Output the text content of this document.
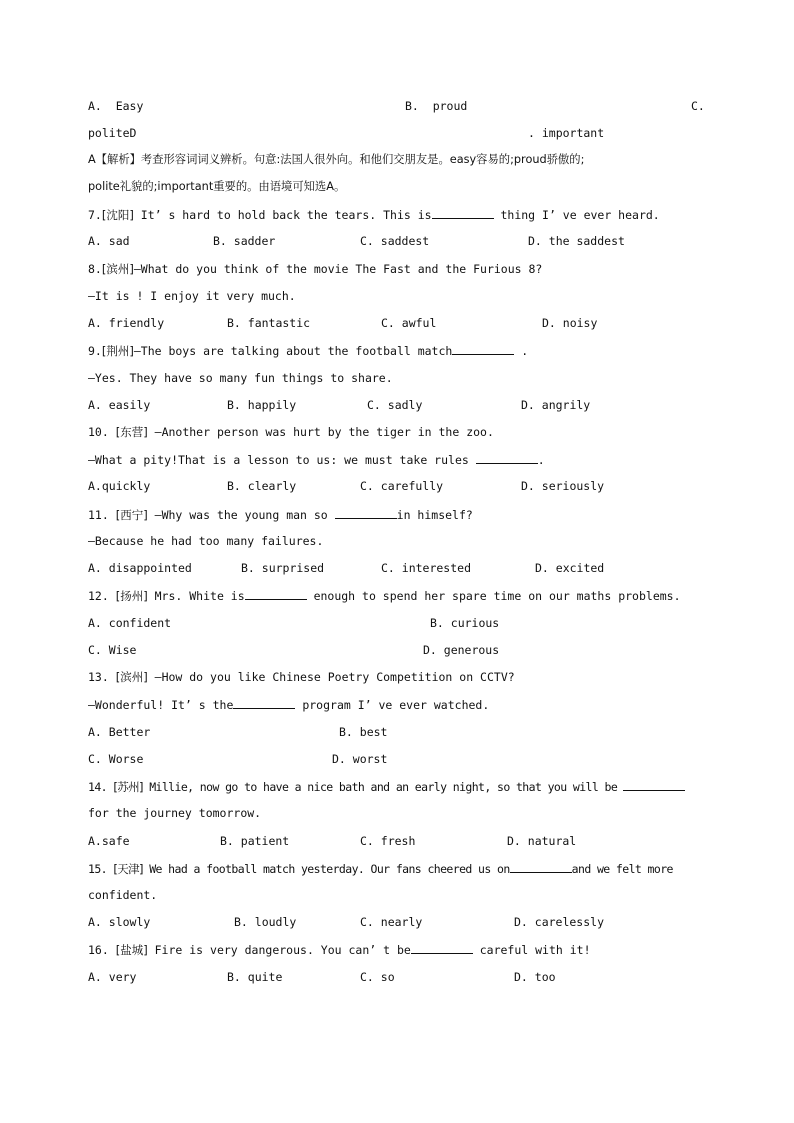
A.  Easy	B.  proud	C.
politeD	. important
A【解析】考查形容词词义辨析。句意:法国人很外向。和他们交朋友是。easy容易的;proud骄傲的;
polite礼貌的;important重要的。由语境可知选A。
7.[沈阳] It’ s hard to hold back the tears. This is	thing I’ ve ever heard.
A. sad	B. sadder	C. saddest	D. the saddest
8.[滨州]—What do you think of the movie The Fast and the Furious 8?
—It is ! I enjoy it very much.
A. friendly	B. fantastic	C. awful	D. noisy
9.[荆州]—The boys are talking about the football match	.
—Yes. They have so many fun things to share.
A. easily	B. happily	C. sadly	D. angrily
10. [东营] —Another person was hurt by the tiger in the zoo.
—What a pity!That is a lesson to us: we must take rules	.
A.quickly	B. clearly	C. carefully	D. seriously
11. [西宁] —Why was the young man so	in himself?
—Because he had too many failures.
A. disappointed	B. surprised	C. interested	D. excited
12. [扬州] Mrs. White is	enough to spend her spare time on our maths problems.
A. confident	B. curious
C. Wise	D. generous
13. [滨州] —How do you like Chinese Poetry Competition on CCTV?
—Wonderful! It’ s the	program I’ ve ever watched.
A. Better	B. best
C. Worse	D. worst
14. [苏州] Millie, now go to have a nice bath and an early night, so that you will be
for the journey tomorrow.
A.safe	B. patient	C. fresh	D. natural
15. [天津] We had a football match yesterday. Our fans cheered us on	and we felt more
confident.
A. slowly	B. loudly	C. nearly	D. carelessly
16. [盐城] Fire is very dangerous. You can’ t be	careful with it!
A. very	B. quite	C. so	D. too
